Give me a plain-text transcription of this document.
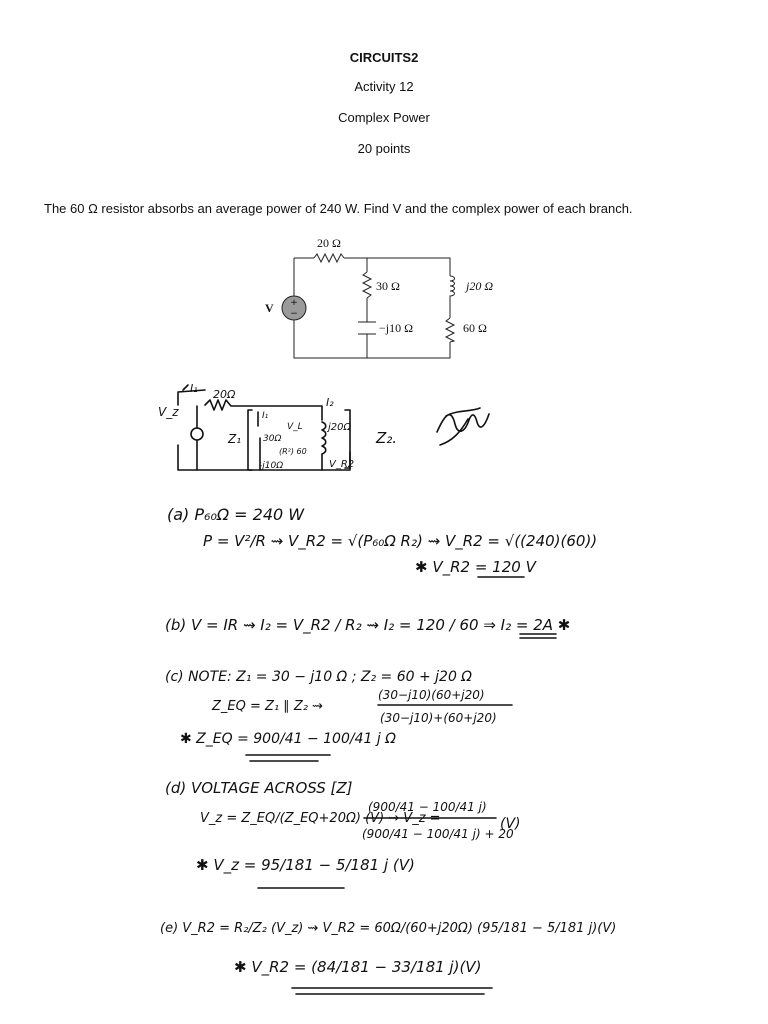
CIRCUITS2
Activity 12
Complex Power
20 points
The 60 Ω resistor absorbs an average power of 240 W. Find V and the complex power of each branch.
+
−
20 Ω
V
30 Ω
−j10 Ω
j20 Ω
60 Ω
I₁ 20Ω
V_z
Z₁
I₁
30Ω
V_L
(R²) 60
I₂
j20Ω
-j10Ω	V_R2
Z₂.
(a) P₆₀Ω = 240 W
P = V²/R ⇝ V_R2 = √(P₆₀Ω R₂) ⇝ V_R2 = √((240)(60))
✱ V_R2 = 120 V
(b) V = IR ⇝ I₂ = V_R2 / R₂ ⇝ I₂ = 120 / 60 ⇒ I₂ = 2A ✱
(c) NOTE: Z₁ = 30 − j10 Ω ; Z₂ = 60 + j20 Ω
Z_EQ = Z₁ ∥ Z₂ ⇝
(30−j10)(60+j20)
(30−j10)+(60+j20)
✱ Z_EQ = 900/41 − 100/41 j Ω
(d) VOLTAGE ACROSS [Z]
V_z = Z_EQ/(Z_EQ+20Ω) (V) ⇝ V_z =
(900/41 − 100/41 j)
(900/41 − 100/41 j) + 20
(V)
✱ V_z = 95/181 − 5/181 j (V)
(e) V_R2 = R₂/Z₂ (V_z) ⇝ V_R2 = 60Ω/(60+j20Ω) (95/181 − 5/181 j)(V)
✱ V_R2 = (84/181 − 33/181 j)(V)
